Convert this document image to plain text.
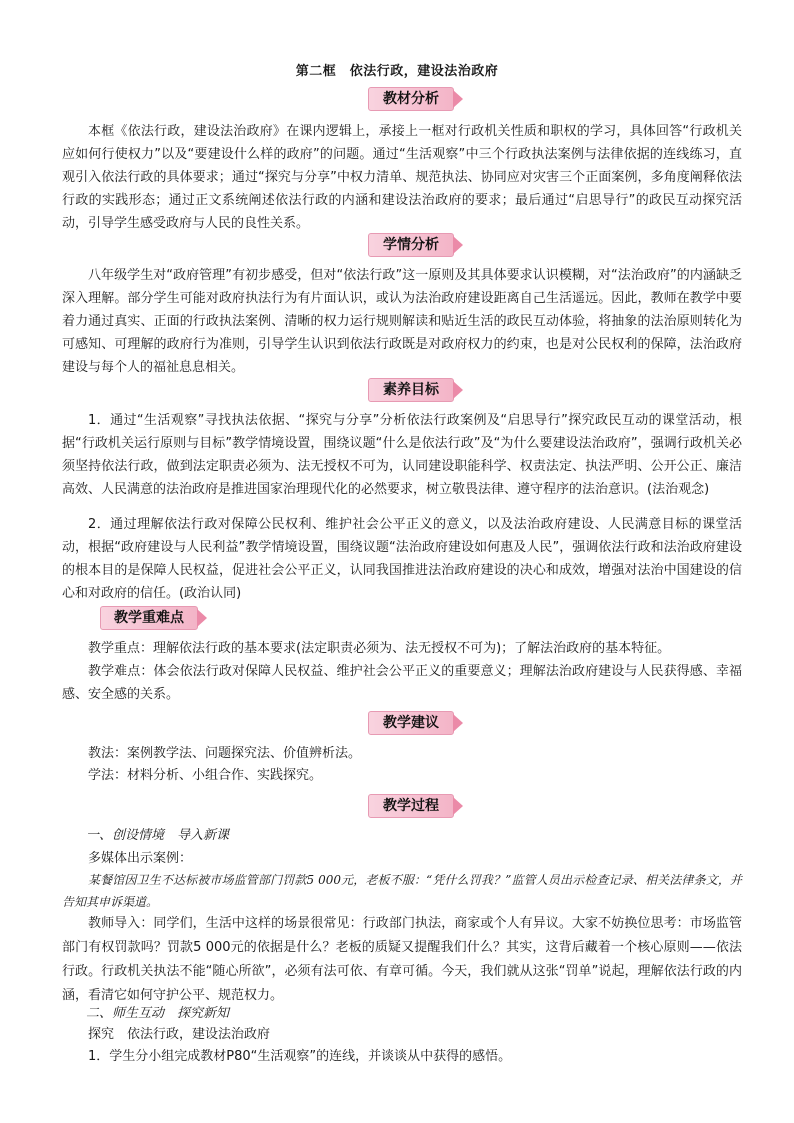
第二框　依法行政，建设法治政府
教材分析
本框《依法行政，建设法治政府》在课内逻辑上，承接上一框对行政机关性质和职权的学习，具体回答“行政机关应如何行使权力”以及“要建设什么样的政府”的问题。通过“生活观察”中三个行政执法案例与法律依据的连线练习，直观引入依法行政的具体要求；通过“探究与分享”中权力清单、规范执法、协同应对灾害三个正面案例，多角度阐释依法行政的实践形态；通过正文系统阐述依法行政的内涵和建设法治政府的要求；最后通过“启思导行”的政民互动探究活动，引导学生感受政府与人民的良性关系。
学情分析
八年级学生对“政府管理”有初步感受，但对“依法行政”这一原则及其具体要求认识模糊，对“法治政府”的内涵缺乏深入理解。部分学生可能对政府执法行为有片面认识，或认为法治政府建设距离自己生活遥远。因此，教师在教学中要着力通过真实、正面的行政执法案例、清晰的权力运行规则解读和贴近生活的政民互动体验，将抽象的法治原则转化为可感知、可理解的政府行为准则，引导学生认识到依法行政既是对政府权力的约束，也是对公民权利的保障，法治政府建设与每个人的福祉息息相关。
素养目标
1．通过“生活观察”寻找执法依据、“探究与分享”分析依法行政案例及“启思导行”探究政民互动的课堂活动，根据“行政机关运行原则与目标”教学情境设置，围绕议题“什么是依法行政”及“为什么要建设法治政府”，强调行政机关必须坚持依法行政，做到法定职责必须为、法无授权不可为，认同建设职能科学、权责法定、执法严明、公开公正、廉洁高效、人民满意的法治政府是推进国家治理现代化的必然要求，树立敬畏法律、遵守程序的法治意识。(法治观念)
2．通过理解依法行政对保障公民权利、维护社会公平正义的意义，以及法治政府建设、人民满意目标的课堂活动，根据“政府建设与人民利益”教学情境设置，围绕议题“法治政府建设如何惠及人民”，强调依法行政和法治政府建设的根本目的是保障人民权益，促进社会公平正义，认同我国推进法治政府建设的决心和成效，增强对法治中国建设的信心和对政府的信任。(政治认同)
教学重难点
教学重点：理解依法行政的基本要求(法定职责必须为、法无授权不可为)；了解法治政府的基本特征。
教学难点：体会依法行政对保障人民权益、维护社会公平正义的重要意义；理解法治政府建设与人民获得感、幸福感、安全感的关系。
教学建议
教法：案例教学法、问题探究法、价值辨析法。
学法：材料分析、小组合作、实践探究。
教学过程
一、创设情境　导入新课
多媒体出示案例：
某餐馆因卫生不达标被市场监管部门罚款5 000元，老板不服：“凭什么罚我？”监管人员出示检查记录、相关法律条文，并告知其申诉渠道。
教师导入：同学们，生活中这样的场景很常见：行政部门执法，商家或个人有异议。大家不妨换位思考：市场监管部门有权罚款吗？罚款5 000元的依据是什么？老板的质疑又提醒我们什么？其实，这背后藏着一个核心原则——依法行政。行政机关执法不能“随心所欲”，必须有法可依、有章可循。今天，我们就从这张“罚单”说起，理解依法行政的内涵，看清它如何守护公平、规范权力。
二、师生互动　探究新知
探究　依法行政，建设法治政府
1．学生分小组完成教材P80“生活观察”的连线，并谈谈从中获得的感悟。
